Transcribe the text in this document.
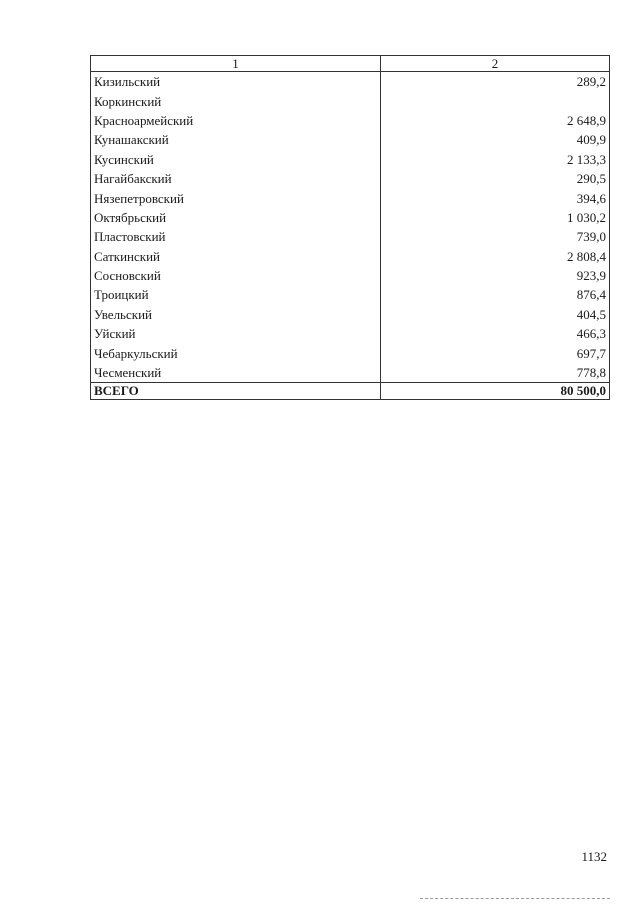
1	2
Кизильский	289,2
Коркинский	
Красноармейский	2 648,9
Кунашакский	409,9
Кусинский	2 133,3
Нагайбакский	290,5
Нязепетровский	394,6
Октябрьский	1 030,2
Пластовский	739,0
Саткинский	2 808,4
Сосновский	923,9
Троицкий	876,4
Увельский	404,5
Уйский	466,3
Чебаркульский	697,7
Чесменский	778,8
ВСЕГО	80 500,0
1132
